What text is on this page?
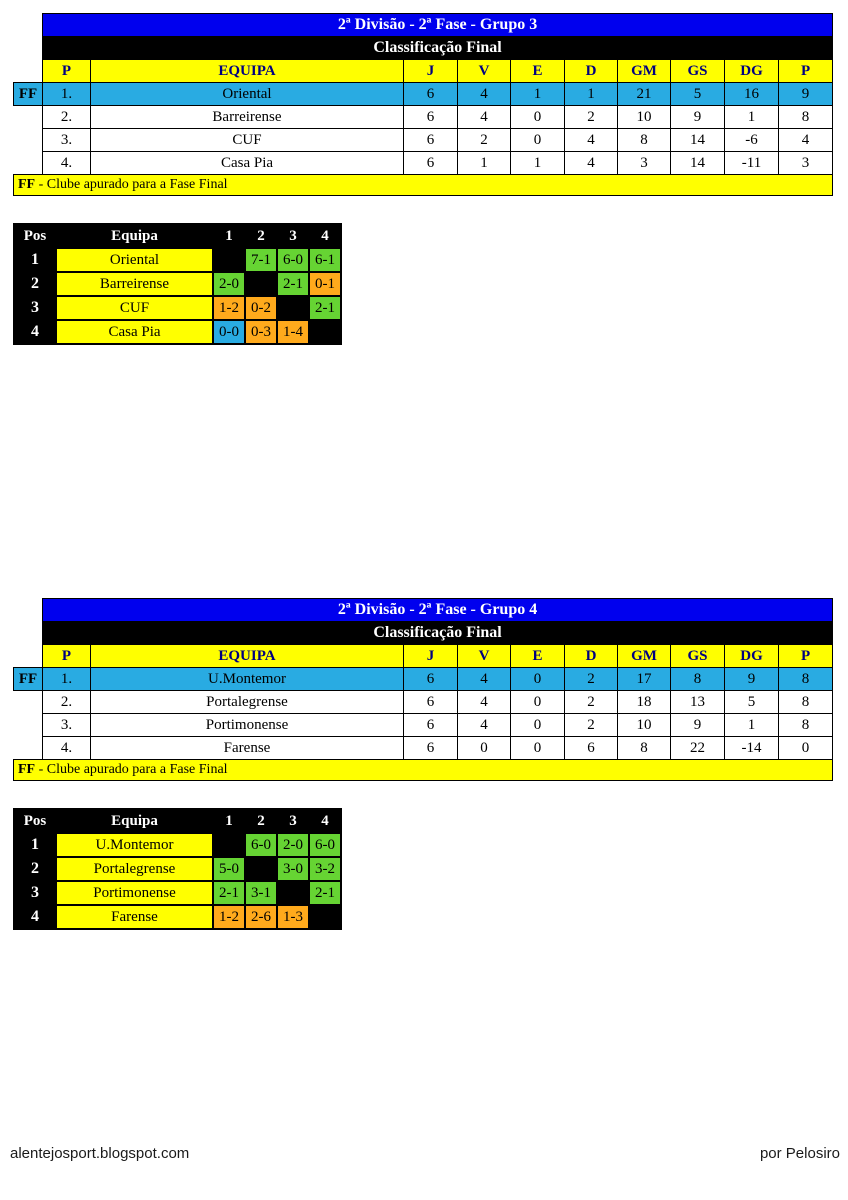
	2ª Divisão - 2ª Fase - Grupo 3									
	Classificação Final									
	P	EQUIPA	J	V	E	D	GM	GS	DG	P
FF	1.	Oriental	6	4	1	1	21	5	16	9
	2.	Barreirense	6	4	0	2	10	9	1	8
	3.	CUF	6	2	0	4	8	14	-6	4
	4.	Casa Pia	6	1	1	4	3	14	-11	3
FF - Clube apurado para a Fase Final										
Pos	Equipa	1	2	3	4
1	Oriental		7-1	6-0	6-1
2	Barreirense	2-0		2-1	0-1
3	CUF	1-2	0-2		2-1
4	Casa Pia	0-0	0-3	1-4	
	2ª Divisão - 2ª Fase - Grupo 4									
	Classificação Final									
	P	EQUIPA	J	V	E	D	GM	GS	DG	P
FF	1.	U.Montemor	6	4	0	2	17	8	9	8
	2.	Portalegrense	6	4	0	2	18	13	5	8
	3.	Portimonense	6	4	0	2	10	9	1	8
	4.	Farense	6	0	0	6	8	22	-14	0
FF - Clube apurado para a Fase Final										
Pos	Equipa	1	2	3	4
1	U.Montemor		6-0	2-0	6-0
2	Portalegrense	5-0		3-0	3-2
3	Portimonense	2-1	3-1		2-1
4	Farense	1-2	2-6	1-3	
alentejosport.blogspot.com	por Pelosiro
